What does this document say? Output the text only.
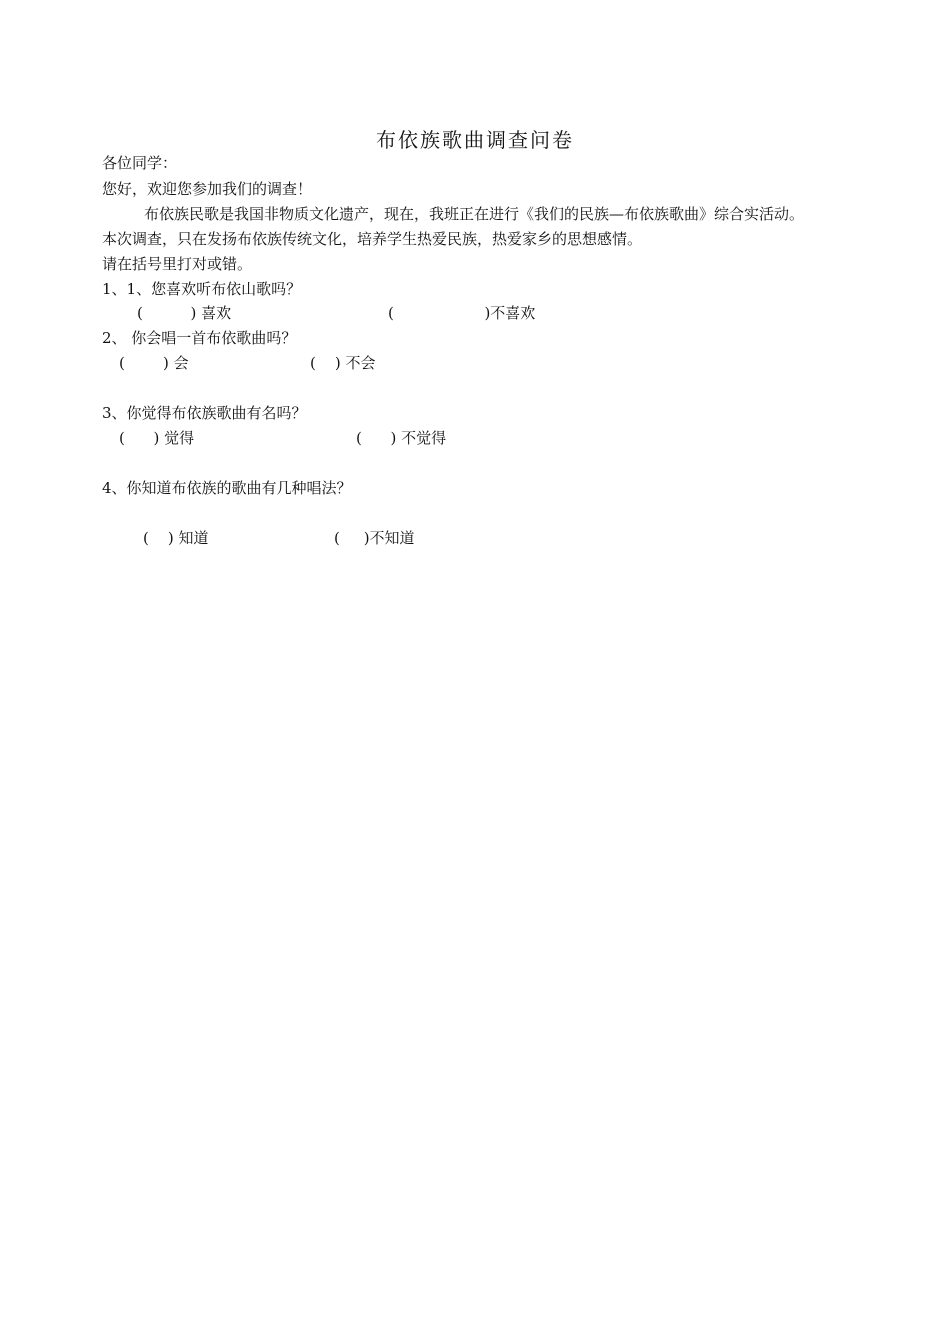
布依族歌曲调查问卷
各位同学：
您好，欢迎您参加我们的调查！
布依族民歌是我国非物质文化遗产，现在，我班正在进行《我们的民族—布依族歌曲》综合实活动。
本次调查，只在发扬布依族传统文化，培养学生热爱民族，热爱家乡的思想感情。
请在括号里打对或错。
1、1、您喜欢听布依山歌吗？
(          ) 喜欢	(                   )不喜欢
2、 你会唱一首布依歌曲吗？
(        ) 会	(    ) 不会
3、你觉得布依族歌曲有名吗？
(      ) 觉得	(      ) 不觉得
4、你知道布依族的歌曲有几种唱法？
(    ) 知道	(     )不知道
